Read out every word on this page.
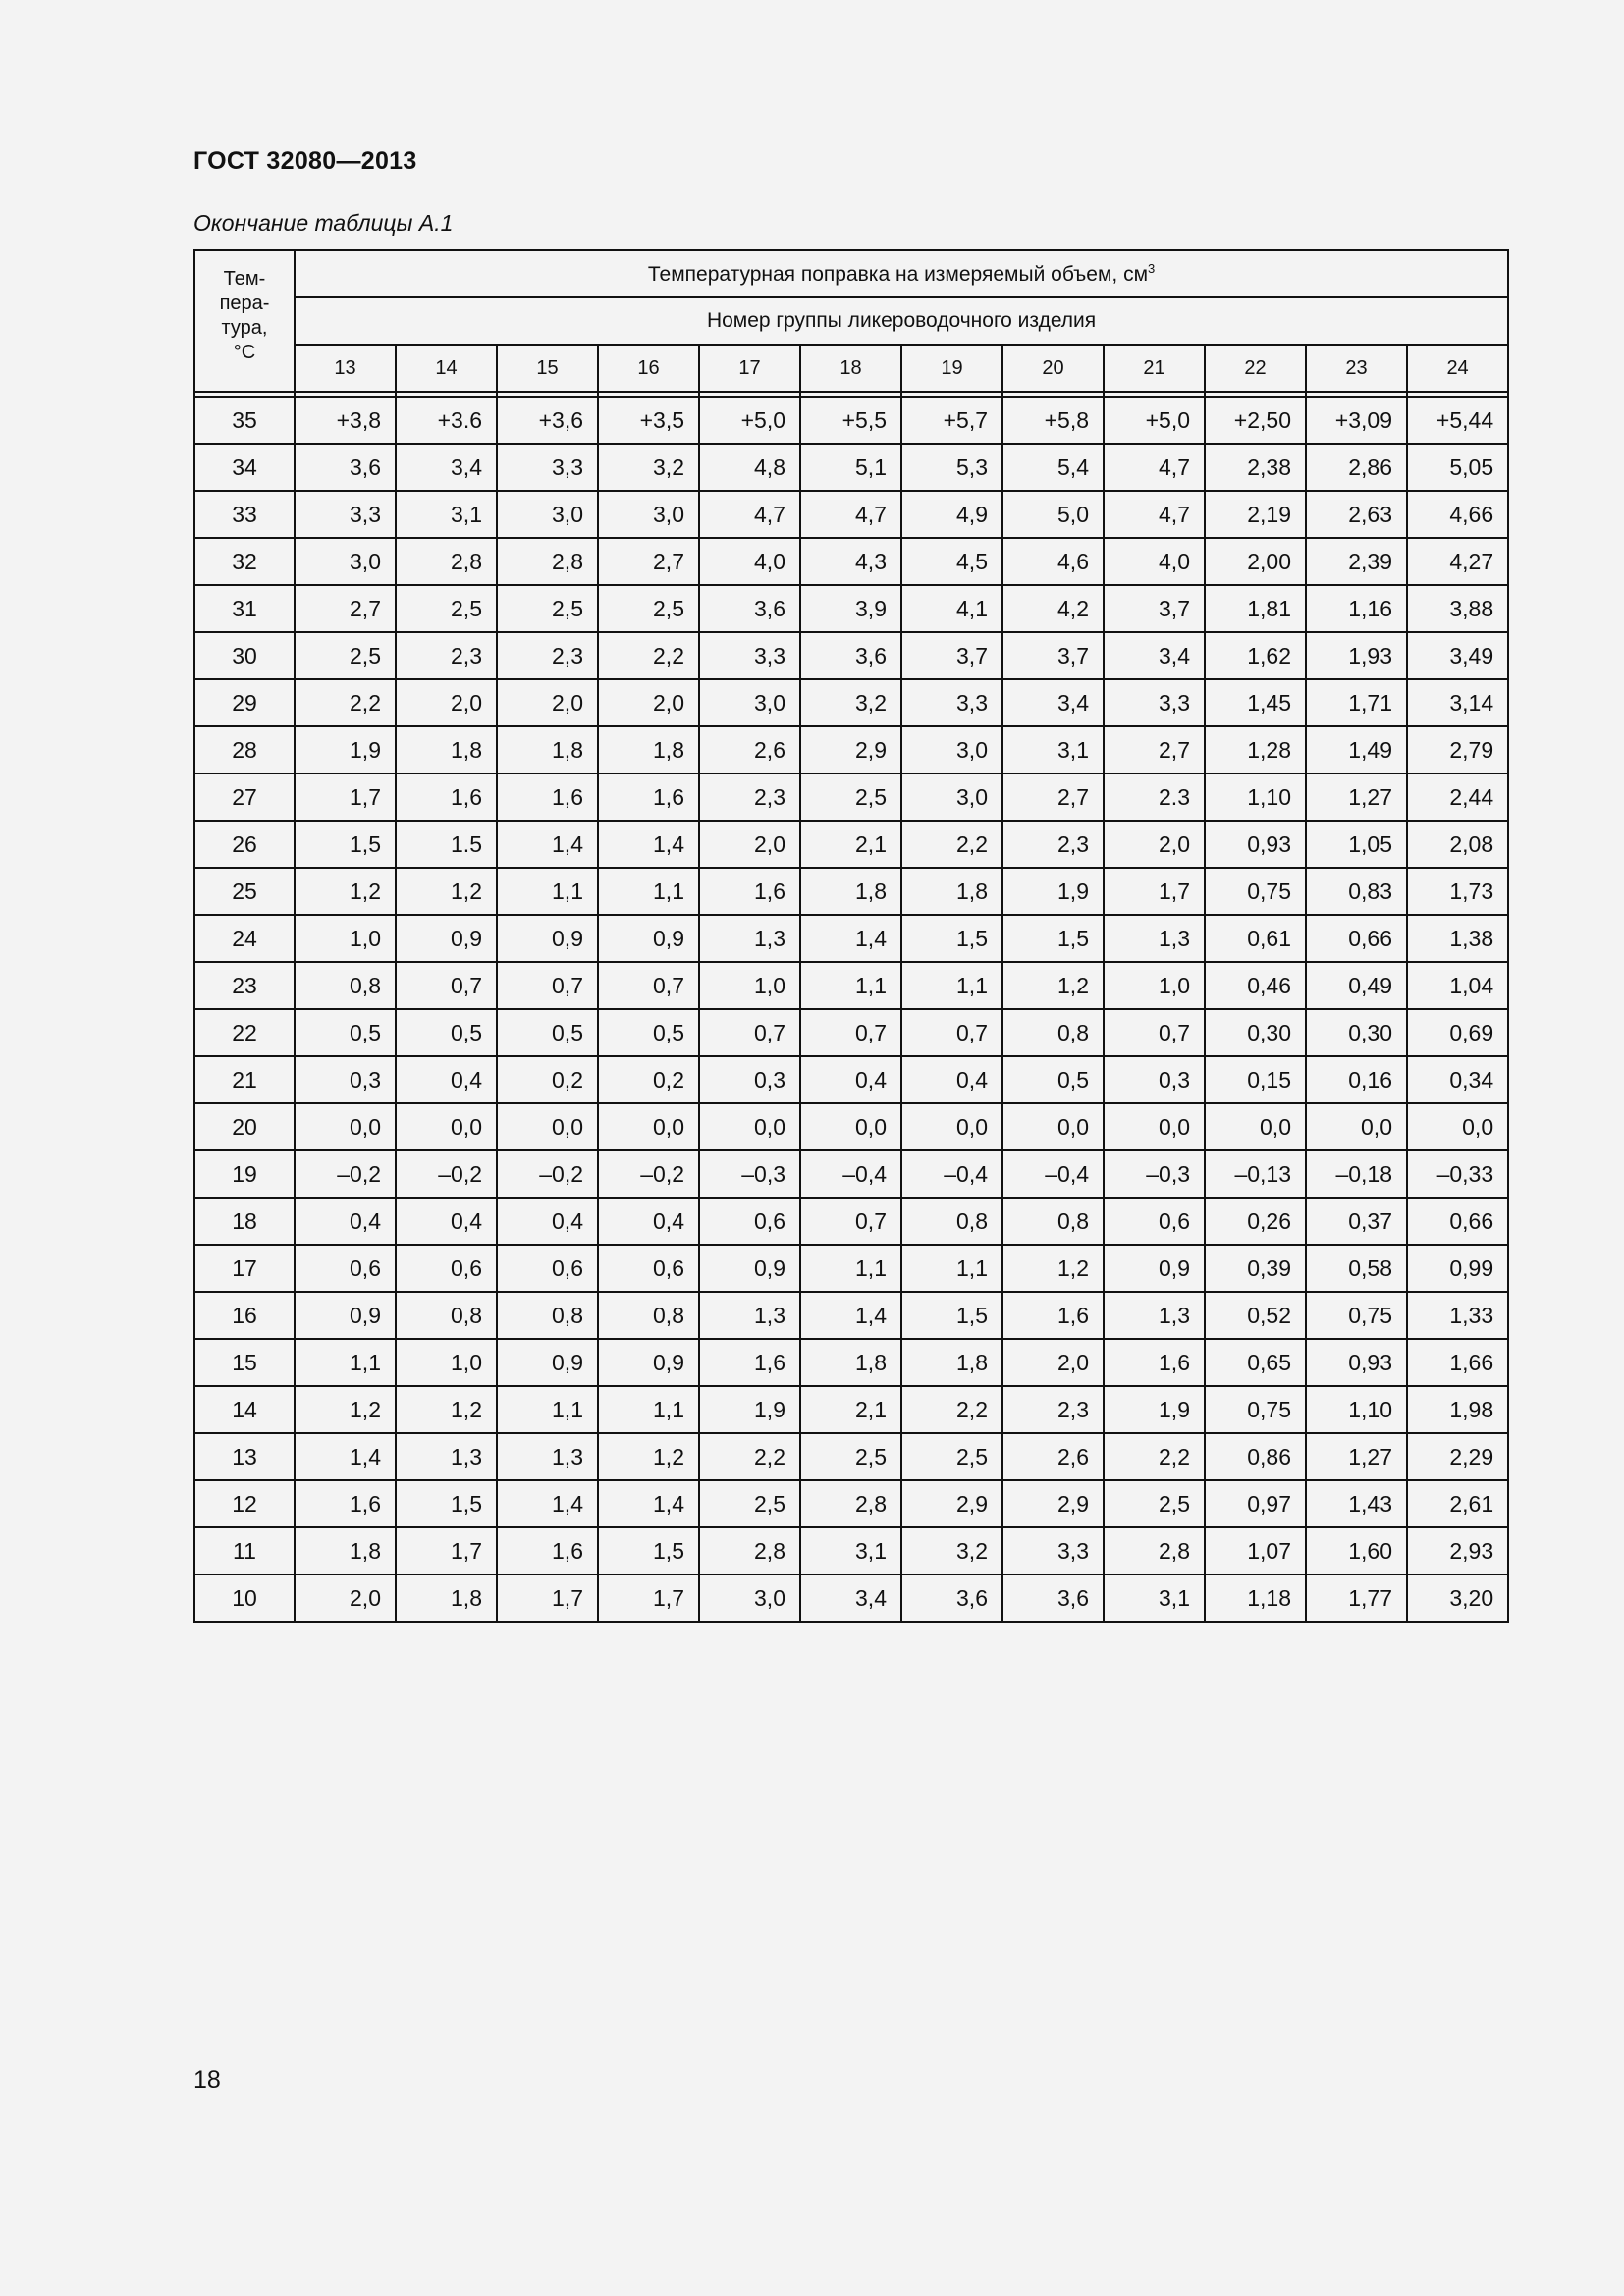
ГОСТ 32080—2013
Окончание таблицы А.1
Тем-
пера-
тура,
°C	Температурная поправка на измеряемый объем, $см^3$
	Номер группы ликероводочного изделия											
	13	14	15	16	17	18	19	20	21	22	23	24

35	+3,8	+3.6	+3,6	+3,5	+5,0	+5,5	+5,7	+5,8	+5,0	+2,50	+3,09	+5,44
34	3,6	3,4	3,3	3,2	4,8	5,1	5,3	5,4	4,7	2,38	2,86	5,05
33	3,3	3,1	3,0	3,0	4,7	4,7	4,9	5,0	4,7	2,19	2,63	4,66
32	3,0	2,8	2,8	2,7	4,0	4,3	4,5	4,6	4,0	2,00	2,39	4,27
31	2,7	2,5	2,5	2,5	3,6	3,9	4,1	4,2	3,7	1,81	1,16	3,88
30	2,5	2,3	2,3	2,2	3,3	3,6	3,7	3,7	3,4	1,62	1,93	3,49
29	2,2	2,0	2,0	2,0	3,0	3,2	3,3	3,4	3,3	1,45	1,71	3,14
28	1,9	1,8	1,8	1,8	2,6	2,9	3,0	3,1	2,7	1,28	1,49	2,79
27	1,7	1,6	1,6	1,6	2,3	2,5	3,0	2,7	2.3	1,10	1,27	2,44
26	1,5	1.5	1,4	1,4	2,0	2,1	2,2	2,3	2,0	0,93	1,05	2,08
25	1,2	1,2	1,1	1,1	1,6	1,8	1,8	1,9	1,7	0,75	0,83	1,73
24	1,0	0,9	0,9	0,9	1,3	1,4	1,5	1,5	1,3	0,61	0,66	1,38
23	0,8	0,7	0,7	0,7	1,0	1,1	1,1	1,2	1,0	0,46	0,49	1,04
22	0,5	0,5	0,5	0,5	0,7	0,7	0,7	0,8	0,7	0,30	0,30	0,69
21	0,3	0,4	0,2	0,2	0,3	0,4	0,4	0,5	0,3	0,15	0,16	0,34
20	0,0	0,0	0,0	0,0	0,0	0,0	0,0	0,0	0,0	0,0	0,0	0,0
19	–0,2	–0,2	–0,2	–0,2	–0,3	–0,4	–0,4	–0,4	–0,3	–0,13	–0,18	–0,33
18	0,4	0,4	0,4	0,4	0,6	0,7	0,8	0,8	0,6	0,26	0,37	0,66
17	0,6	0,6	0,6	0,6	0,9	1,1	1,1	1,2	0,9	0,39	0,58	0,99
16	0,9	0,8	0,8	0,8	1,3	1,4	1,5	1,6	1,3	0,52	0,75	1,33
15	1,1	1,0	0,9	0,9	1,6	1,8	1,8	2,0	1,6	0,65	0,93	1,66
14	1,2	1,2	1,1	1,1	1,9	2,1	2,2	2,3	1,9	0,75	1,10	1,98
13	1,4	1,3	1,3	1,2	2,2	2,5	2,5	2,6	2,2	0,86	1,27	2,29
12	1,6	1,5	1,4	1,4	2,5	2,8	2,9	2,9	2,5	0,97	1,43	2,61
11	1,8	1,7	1,6	1,5	2,8	3,1	3,2	3,3	2,8	1,07	1,60	2,93
10	2,0	1,8	1,7	1,7	3,0	3,4	3,6	3,6	3,1	1,18	1,77	3,20
18
